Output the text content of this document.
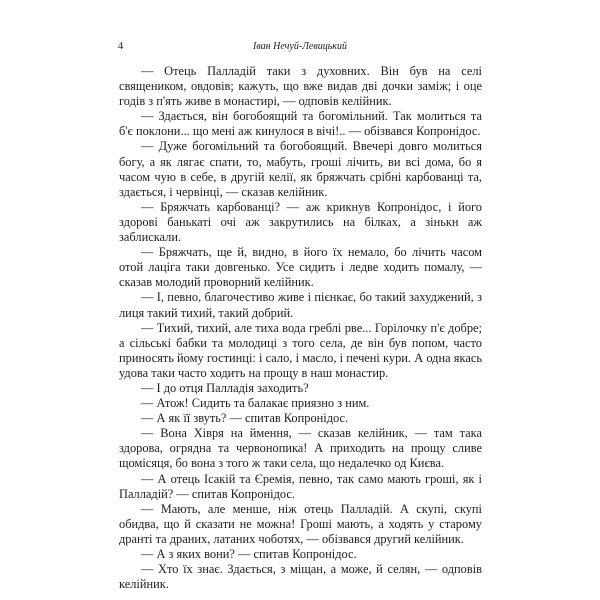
4	Іван Нечуй-Левицький

— Отець Палладій таки з духовних. Він був на селі священиком, овдовів; кажуть, що вже видав дві дочки заміж; і оце годів з п'ять живе в монастирі, — одповів келійник.

— Здається, він богобоящий та богомільний. Так молиться та б'є поклони... що мені аж кинулося в вічі!.. — обізвався Копронідос.

— Дуже богомільний та богобоящий. Ввечері довго молиться богу, а як лягає спати, то, мабуть, гроші лічить, ви всі дома, бо я часом чую в себе, в другій келії, як бряжчать срібні карбованці та, здається, і червінці, — сказав келійник.

— Бряжчать карбованці? — аж крикнув Копронідос, і його здорові банькаті очі аж закрутились на білках, а зінькн аж заблискали.

— Бряжчать, ще й, видно, в його їх немало, бо лічить часом отой лаціга таки довгенько. Усе сидить і ледве ходить помалу, — сказав молодий проворний келійник.

— І, певно, благочестиво живе і пієнкає, бо такий захуджений, з лиця такий тихий, такий добрий.

— Тихий, тихий, але тиха вода греблі рве... Горілочку п'є добре; а сільські бабки та молодиці з того села, де він був попом, часто приносять йому гостинці: і сало, і масло, і печені кури. А одна якась удова таки часто ходить на прощу в наш монастир.

— І до отця Палладія заходить?

— Атож! Сидить та балакає приязно з ним.

— А як її звуть? — спитав Копронідос.

— Вона Хівря на ймення, — сказав келійник, — там така здорова, огрядна та червонопика! А приходить на прощу сливе щомісяця, бо вона з того ж таки села, що недалечко од Києва.

— А отець Ісакій та Єремія, певно, так само мають гроші, як і Палладій? — спитав Копронідос.

— Мають, але менше, ніж отець Палладій. А скупі, скупі обидва, що й сказати не можна! Гроші мають, а ходять у старому дранті та драних, латаних чоботях, — обізвався другий келійник.

— А з яких вони? — спитав Копронідос.

— Хто їх знає. Здається, з міщан, а може, й селян, — одповів келійник.
